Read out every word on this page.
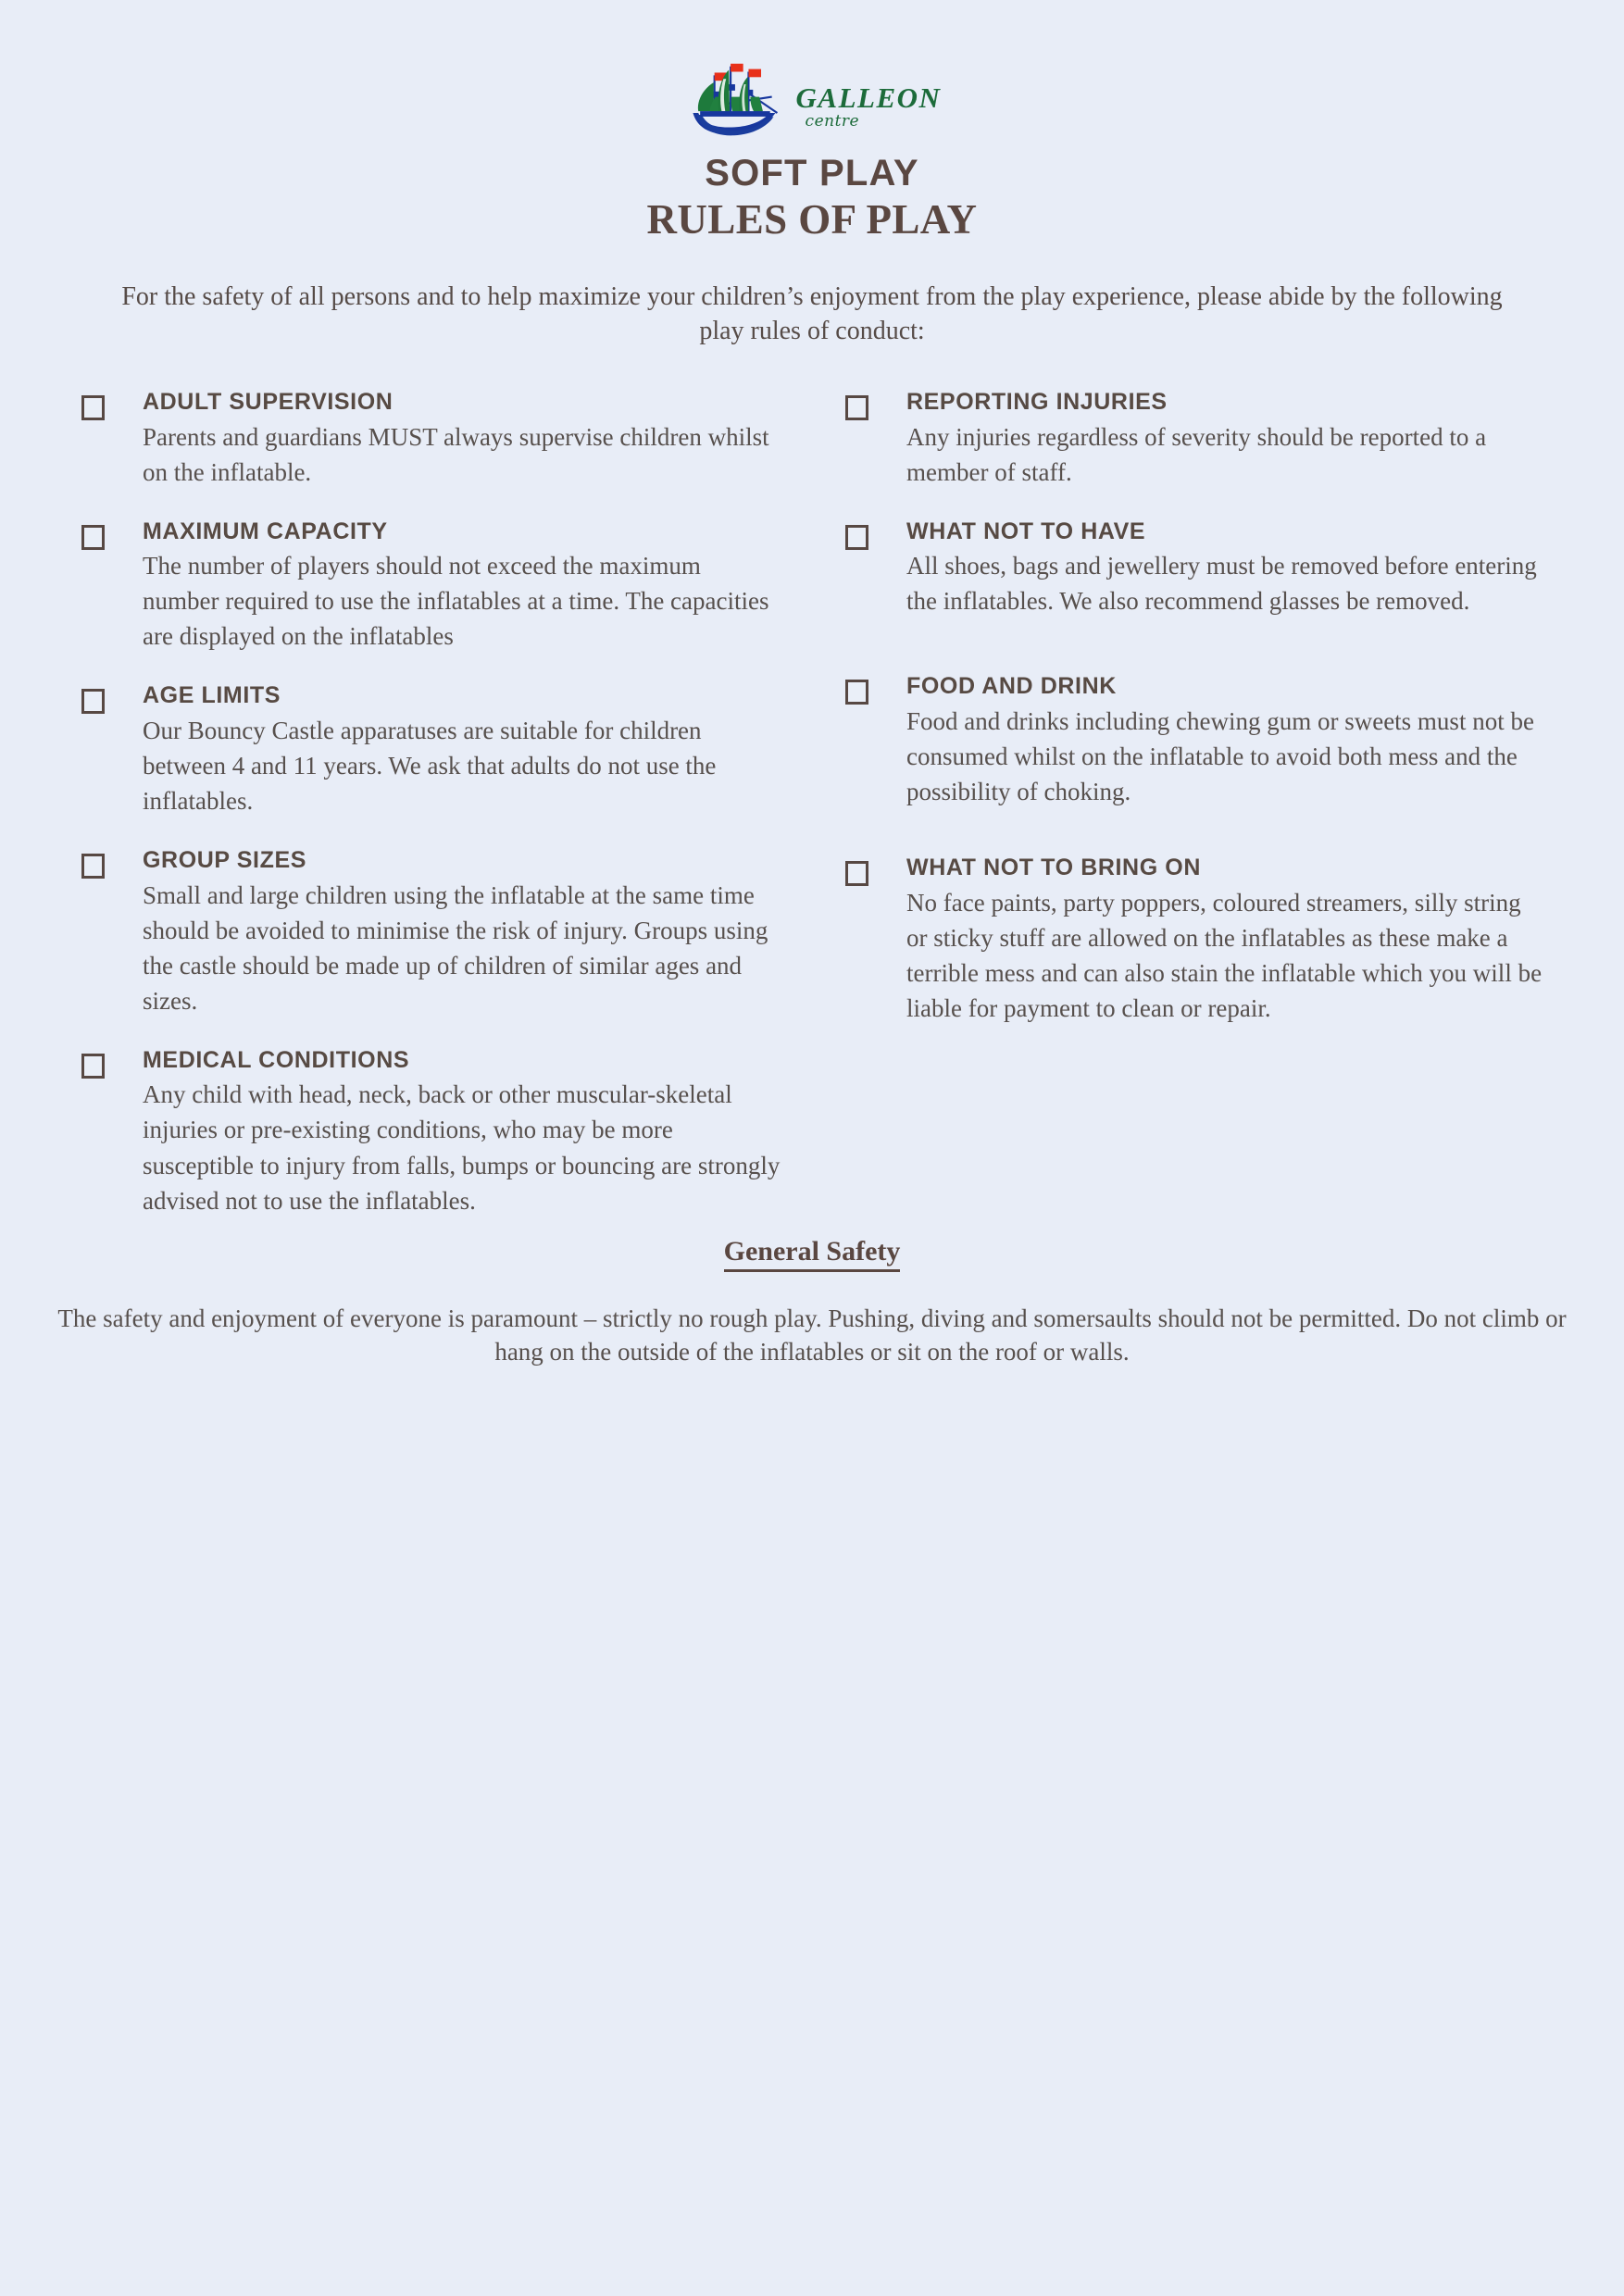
GALLEON
centre
SOFT PLAY
RULES OF PLAY
For the safety of all persons and to help maximize your children’s enjoyment from the play experience, please abide by the following play rules of conduct:
ADULT SUPERVISION
Parents and guardians MUST always supervise children whilst on the inflatable.
MAXIMUM CAPACITY
The number of players should not exceed the maximum number required to use the inflatables at a time. The capacities are displayed on the inflatables
AGE LIMITS
Our Bouncy Castle apparatuses are suitable for children between 4 and 11 years. We ask that adults do not use the inflatables.
GROUP SIZES
Small and large children using the inflatable at the same time should be avoided to minimise the risk of injury. Groups using the castle should be made up of children of similar ages and sizes.
MEDICAL CONDITIONS
Any child with head, neck, back or other muscular-skeletal injuries or pre-existing conditions, who may be more susceptible to injury from falls, bumps or bouncing are strongly advised not to use the inflatables.
REPORTING INJURIES
Any injuries regardless of severity should be reported to a member of staff.
WHAT NOT TO HAVE
All shoes, bags and jewellery must be removed before entering the inflatables. We also recommend glasses be removed.
FOOD AND DRINK
Food and drinks including chewing gum or sweets must not be consumed whilst on the inflatable to avoid both mess and the possibility of choking.
WHAT NOT TO BRING ON
No face paints, party poppers, coloured streamers, silly string or sticky stuff are allowed on the inflatables as these make a terrible mess and can also stain the inflatable which you will be liable for payment to clean or repair.
General Safety
The safety and enjoyment of everyone is paramount – strictly no rough play. Pushing, diving and somersaults should not be permitted. Do not climb or hang on the outside of the inflatables or sit on the roof or walls.
